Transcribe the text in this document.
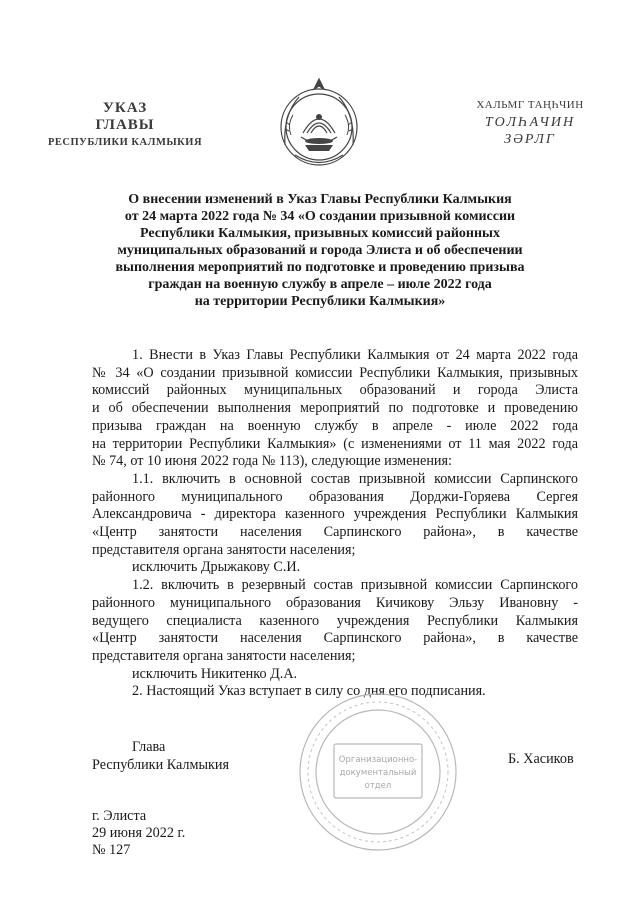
УКАЗ
ГЛАВЫ
РЕСПУБЛИКИ КАЛМЫКИЯ
ХАЛЬМГ ТАҢҺЧИН
ТОЛҺАЧИН
ЗӘРЛГ
О внесении изменений в Указ Главы Республики Калмыкия
от 24 марта 2022 года № 34 «О создании призывной комиссии
Республики Калмыкия, призывных комиссий районных
муниципальных образований и города Элиста и об обеспечении
выполнения мероприятий по подготовке и проведению призыва
граждан на военную службу в апреле – июле 2022 года
на территории Республики Калмыкия»
1. Внести в Указ Главы Республики Калмыкия от 24 марта 2022 года
№ 34 «О создании призывной комиссии Республики Калмыкия, призывных
комиссий районных муниципальных образований и города Элиста
и об обеспечении выполнения мероприятий по подготовке и проведению
призыва граждан на военную службу в апреле - июле 2022 года
на территории Республики Калмыкия» (с изменениями от 11 мая 2022 года
№ 74, от 10 июня 2022 года № 113), следующие изменения:
1.1. включить в основной состав призывной комиссии Сарпинского
районного муниципального образования Дорджи-Горяева Сергея
Александровича - директора казенного учреждения Республики Калмыкия
«Центр занятости населения Сарпинского района», в качестве
представителя органа занятости населения;
исключить Дрыжакову С.И.
1.2. включить в резервный состав призывной комиссии Сарпинского
районного муниципального образования Кичикову Эльзу Ивановну -
ведущего специалиста казенного учреждения Республики Калмыкия
«Центр занятости населения Сарпинского района», в качестве
представителя органа занятости населения;
исключить Никитенко Д.А.
2. Настоящий Указ вступает в силу со дня его подписания.
Организационно-
документальный
отдел
Глава
Республики Калмыкия	Б. Хасиков
г. Элиста
29 июня 2022 г.
№ 127
